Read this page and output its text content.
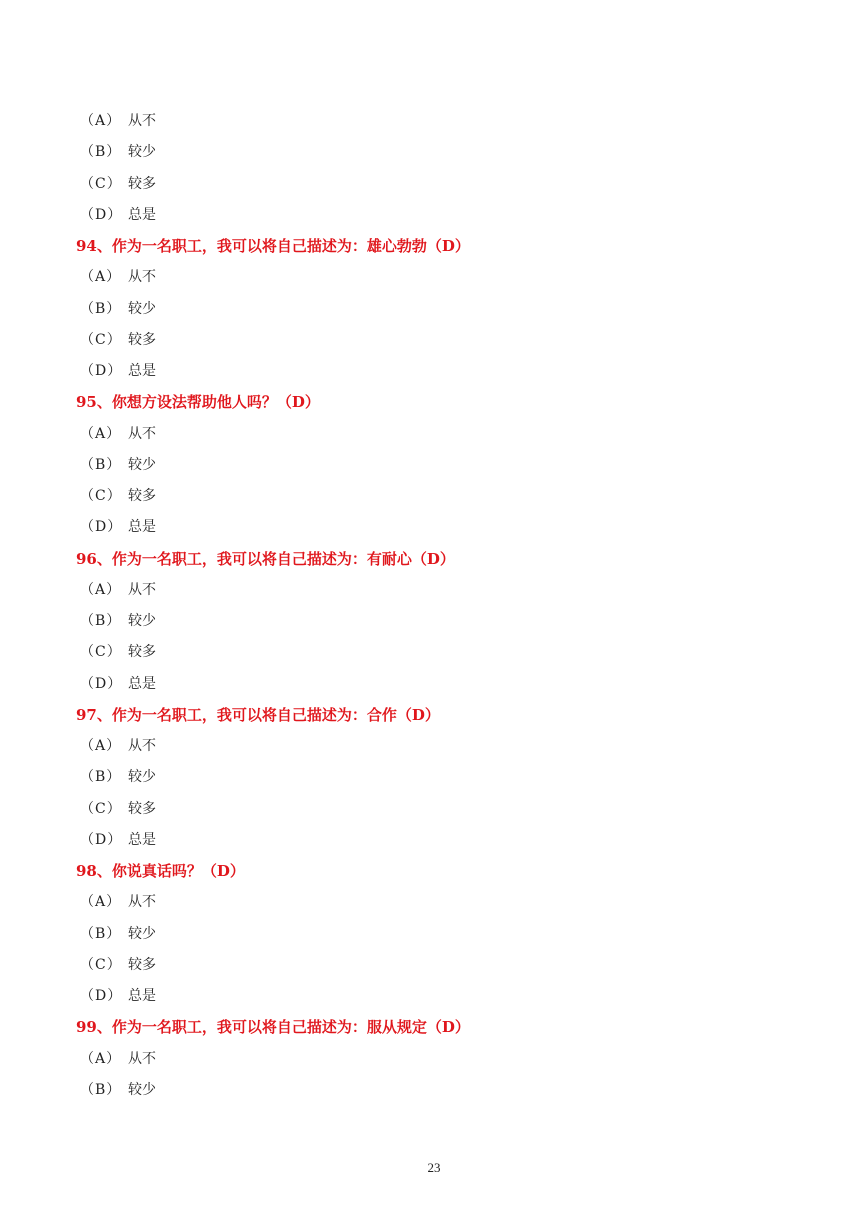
（A） 从不
（B） 较少
（C） 较多
（D） 总是
94、作为一名职工，我可以将自己描述为：雄心勃勃（D）
（A） 从不
（B） 较少
（C） 较多
（D） 总是
95、你想方设法帮助他人吗？（D）
（A） 从不
（B） 较少
（C） 较多
（D） 总是
96、作为一名职工，我可以将自己描述为：有耐心（D）
（A） 从不
（B） 较少
（C） 较多
（D） 总是
97、作为一名职工，我可以将自己描述为：合作（D）
（A） 从不
（B） 较少
（C） 较多
（D） 总是
98、你说真话吗？（D）
（A） 从不
（B） 较少
（C） 较多
（D） 总是
99、作为一名职工，我可以将自己描述为：服从规定（D）
（A） 从不
（B） 较少
23
